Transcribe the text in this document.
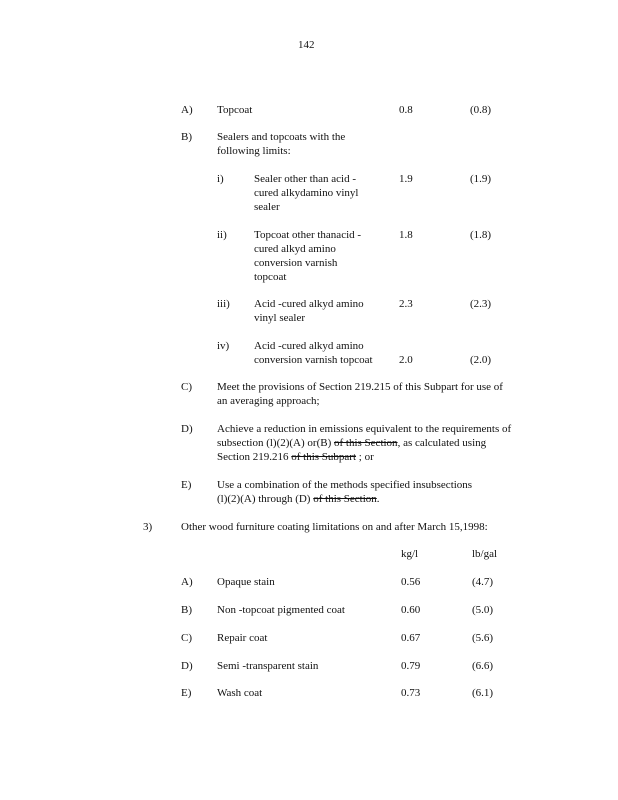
142
A) Topcoat	0.8	(0.8)
B) Sealers and topcoats with the
following limits:
i)	Sealer other than acid -
cured alkydamino vinyl
sealer
1.9	(1.9)
ii) Topcoat other thanacid -
cured alkyd amino
conversion varnish
topcoat
1.8	(1.8)
iii) Acid -cured alkyd amino
vinyl sealer
2.3	(2.3)
iv) Acid -cured alkyd amino
conversion varnish topcoat 2.0	(2.0)
C) Meet the provisions of Section 219.215 of this Subpart for use of
an averaging approach;
D) Achieve a reduction in emissions equivalent to the requirements of
subsection (l)(2)(A) or(B) of this Section, as calculated using
Section 219.216 of this Subpart ; or
E) Use a combination of the methods specified insubsections
(l)(2)(A) through (D) of this Section.
3)	Other wood furniture coating limitations on and after March 15,1998:
kg/l	lb/gal
A) Opaque stain	0.56	(4.7)
B) Non -topcoat pigmented coat	0.60	(5.0)
C) Repair coat	0.67	(5.6)
D) Semi -transparent stain	0.79	(6.6)
E) Wash coat	0.73	(6.1)
